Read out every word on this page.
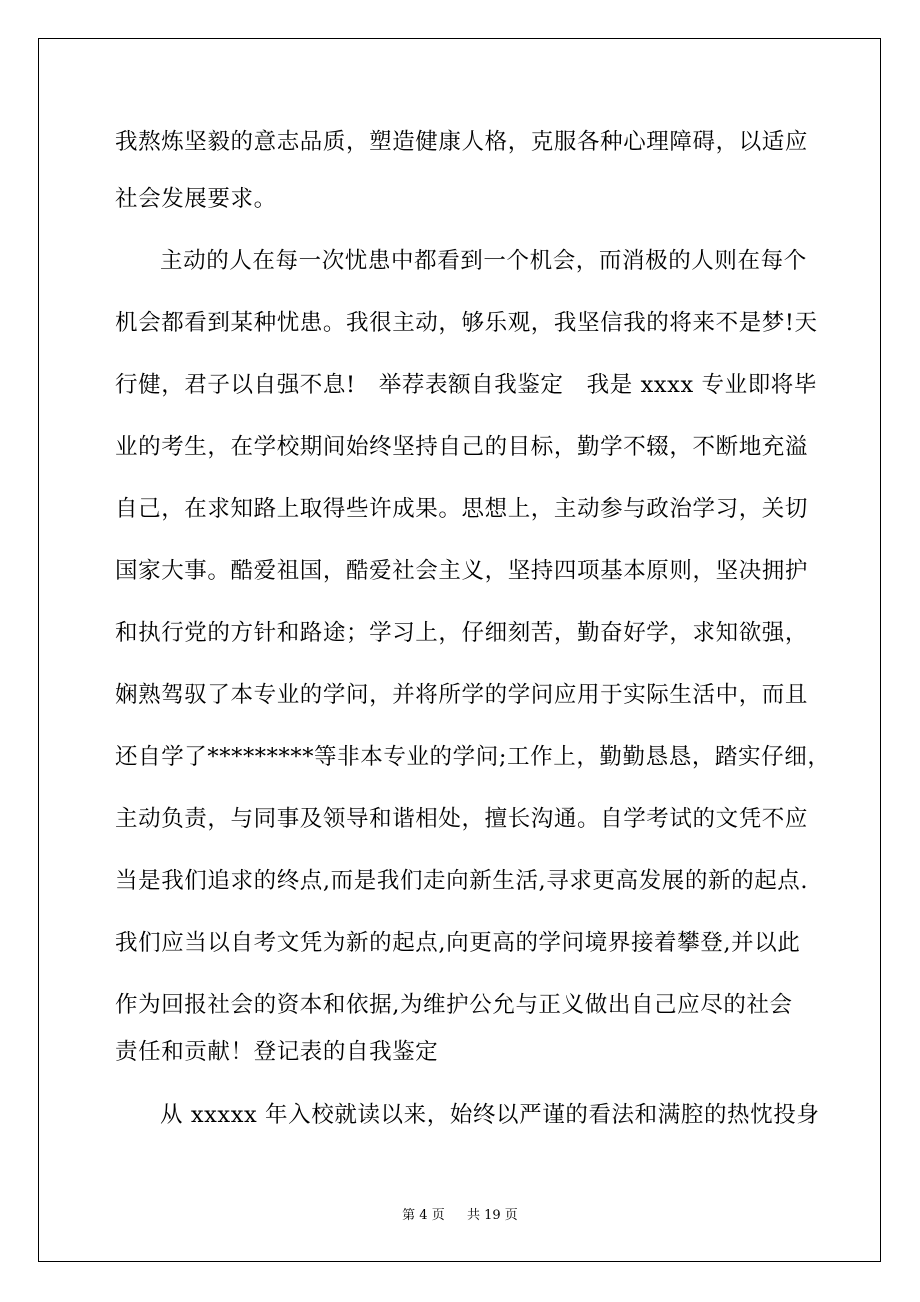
我熬炼坚毅的意志品质，塑造健康人格，克服各种心理障碍，以适应
社会发展要求。
主动的人在每一次忧患中都看到一个机会，而消极的人则在每个
机会都看到某种忧患。我很主动，够乐观，我坚信我的将来不是梦!天
行健，君子以自强不息!　举荐表额自我鉴定　我是 xxxx 专业即将毕
业的考生，在学校期间始终坚持自己的目标，勤学不辍，不断地充溢
自己，在求知路上取得些许成果。思想上，主动参与政治学习，关切
国家大事。酷爱祖国，酷爱社会主义，坚持四项基本原则，坚决拥护
和执行党的方针和路途；学习上，仔细刻苦，勤奋好学，求知欲强，
娴熟驾驭了本专业的学问，并将所学的学问应用于实际生活中，而且
还自学了*********等非本专业的学问;工作上，勤勤恳恳，踏实仔细，
主动负责，与同事及领导和谐相处，擅长沟通。自学考试的文凭不应
当是我们追求的终点,而是我们走向新生活,寻求更高发展的新的起点.
我们应当以自考文凭为新的起点,向更高的学问境界接着攀登,并以此
作为回报社会的资本和依据,为维护公允与正义做出自己应尽的社会
责任和贡献！登记表的自我鉴定
从 xxxxx 年入校就读以来，始终以严谨的看法和满腔的热忱投身
第 4 页 共 19 页
